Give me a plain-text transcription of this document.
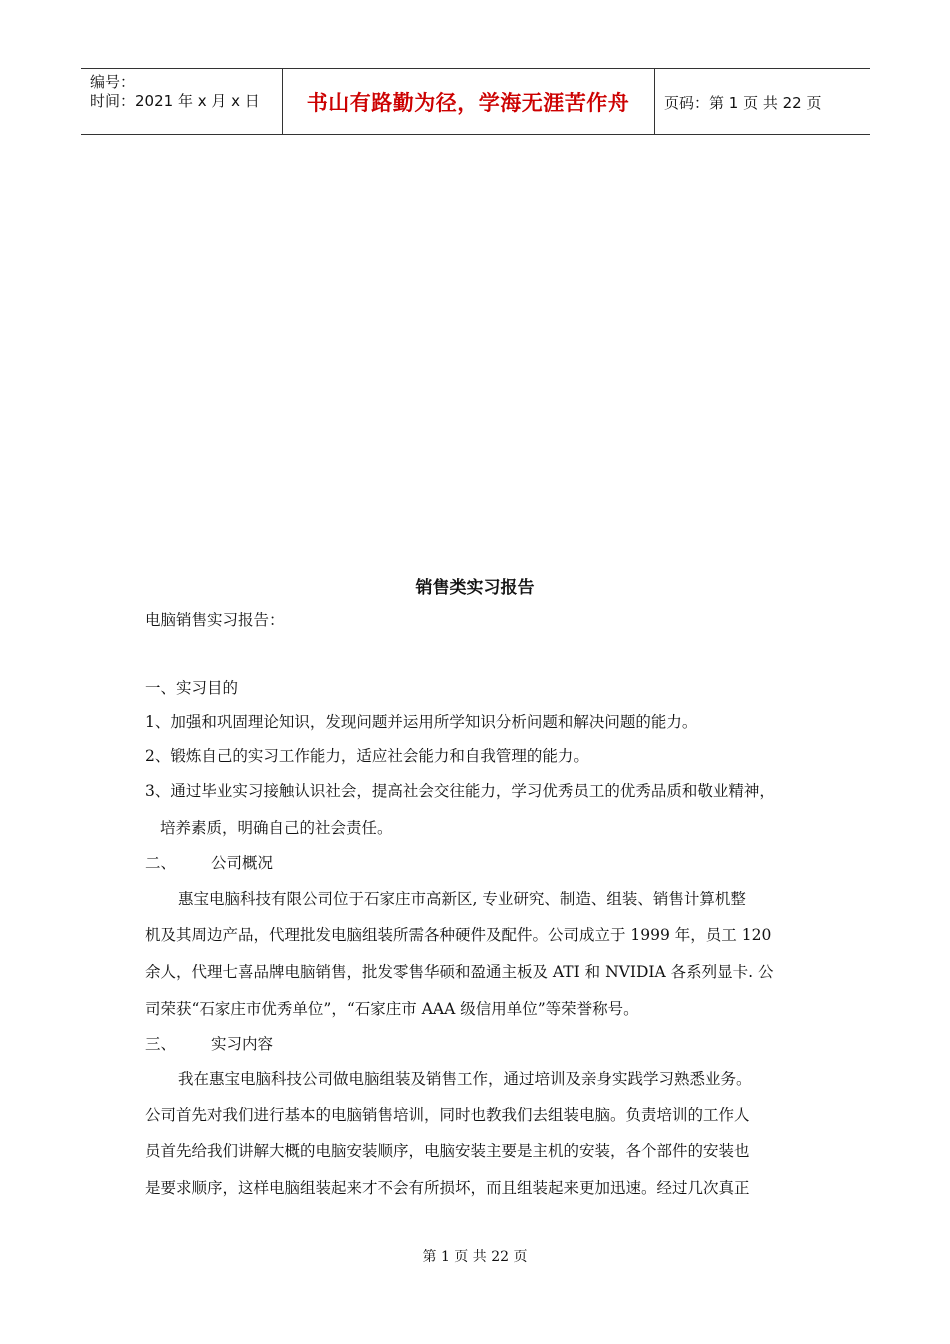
编号：
时间：2021 年 x 月 x 日	书山有路勤为径，学海无涯苦作舟	页码：第 1 页 共 22 页
销售类实习报告
电脑销售实习报告：
一、实习目的
1、加强和巩固理论知识，发现问题并运用所学知识分析问题和解决问题的能力。
2、锻炼自己的实习工作能力，适应社会能力和自我管理的能力。
3、通过毕业实习接触认识社会，提高社会交往能力，学习优秀员工的优秀品质和敬业精神，
培养素质，明确自己的社会责任。
二、 公司概况
惠宝电脑科技有限公司位于石家庄市高新区, 专业研究、制造、组装、销售计算机整
机及其周边产品，代理批发电脑组装所需各种硬件及配件。公司成立于 1999 年，员工 120
余人，代理七喜品牌电脑销售，批发零售华硕和盈通主板及 ATI 和 NVIDIA 各系列显卡. 公
司荣获“石家庄市优秀单位”，“石家庄市 AAA 级信用单位”等荣誉称号。
三、 实习内容
我在惠宝电脑科技公司做电脑组装及销售工作，通过培训及亲身实践学习熟悉业务。
公司首先对我们进行基本的电脑销售培训，同时也教我们去组装电脑。负责培训的工作人
员首先给我们讲解大概的电脑安装顺序，电脑安装主要是主机的安装，各个部件的安装也
是要求顺序，这样电脑组装起来才不会有所损坏，而且组装起来更加迅速。经过几次真正
第 1 页 共 22 页
